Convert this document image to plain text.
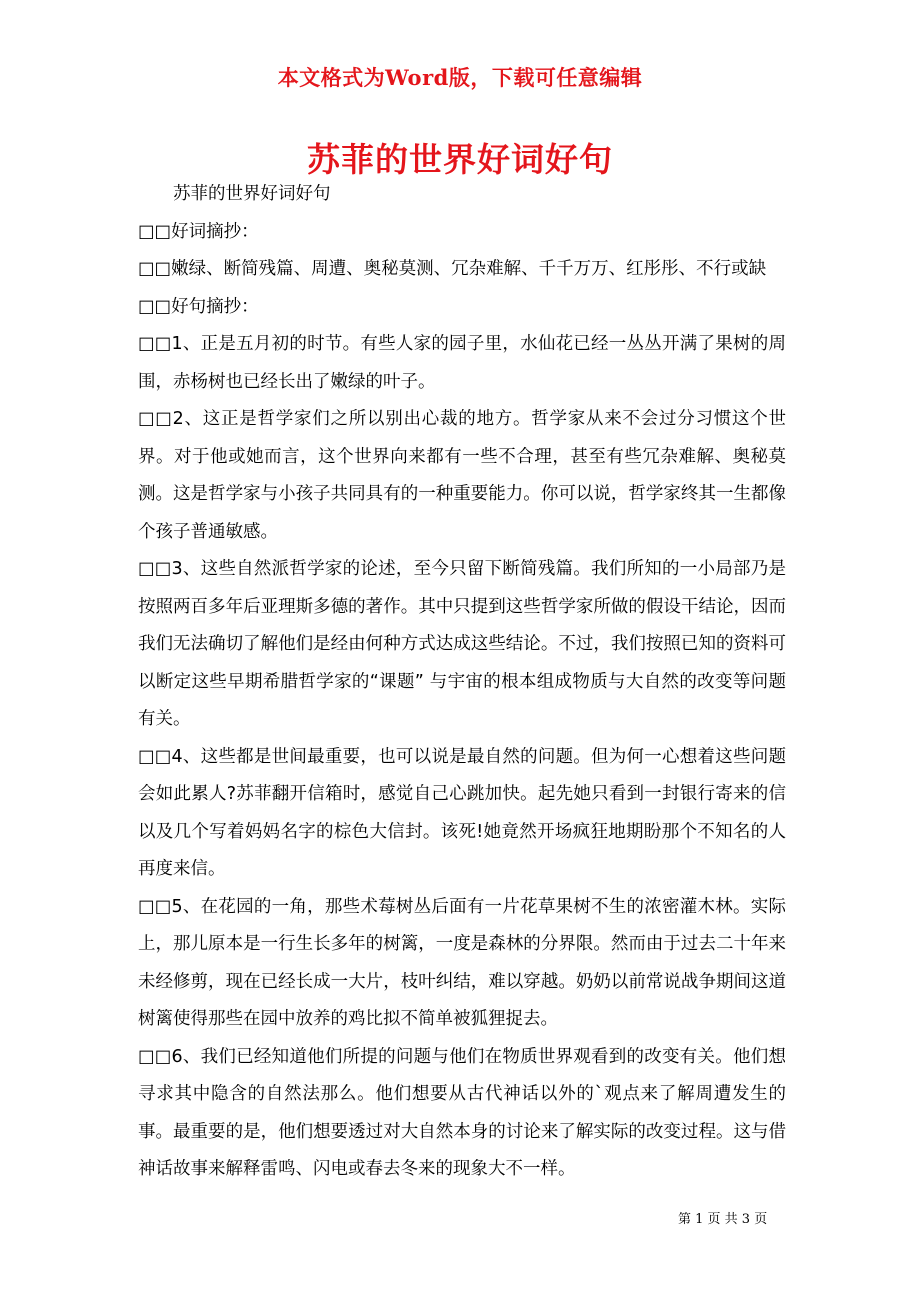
本文格式为Word版，下载可任意编辑
苏菲的世界好词好句

苏菲的世界好词好句

□□好词摘抄：

□□嫩绿、断简残篇、周遭、奥秘莫测、冗杂难解、千千万万、红彤彤、不行或缺

□□好句摘抄：

□□1、正是五月初的时节。有些人家的园子里，水仙花已经一丛丛开满了果树的周围，赤杨树也已经长出了嫩绿的叶子。

□□2、这正是哲学家们之所以别出心裁的地方。哲学家从来不会过分习惯这个世界。对于他或她而言，这个世界向来都有一些不合理，甚至有些冗杂难解、奥秘莫测。这是哲学家与小孩子共同具有的一种重要能力。你可以说，哲学家终其一生都像个孩子普通敏感。

□□3、这些自然派哲学家的论述，至今只留下断简残篇。我们所知的一小局部乃是按照两百多年后亚理斯多德的著作。其中只提到这些哲学家所做的假设干结论，因而我们无法确切了解他们是经由何种方式达成这些结论。不过，我们按照已知的资料可以断定这些早期希腊哲学家的“课题” 与宇宙的根本组成物质与大自然的改变等问题有关。

□□4、这些都是世间最重要，也可以说是最自然的问题。但为何一心想着这些问题会如此累人?苏菲翻开信箱时，感觉自己心跳加快。起先她只看到一封银行寄来的信以及几个写着妈妈名字的棕色大信封。该死!她竟然开场疯狂地期盼那个不知名的人再度来信。

□□5、在花园的一角，那些术莓树丛后面有一片花草果树不生的浓密灌木林。实际上，那儿原本是一行生长多年的树篱，一度是森林的分界限。然而由于过去二十年来未经修剪，现在已经长成一大片，枝叶纠结，难以穿越。奶奶以前常说战争期间这道树篱使得那些在园中放养的鸡比拟不简单被狐狸捉去。

□□6、我们已经知道他们所提的问题与他们在物质世界观看到的改变有关。他们想寻求其中隐含的自然法那么。他们想要从古代神话以外的`观点来了解周遭发生的事。最重要的是，他们想要透过对大自然本身的讨论来了解实际的改变过程。这与借神话故事来解释雷鸣、闪电或春去冬来的现象大不一样。

第 1 页 共 3 页
